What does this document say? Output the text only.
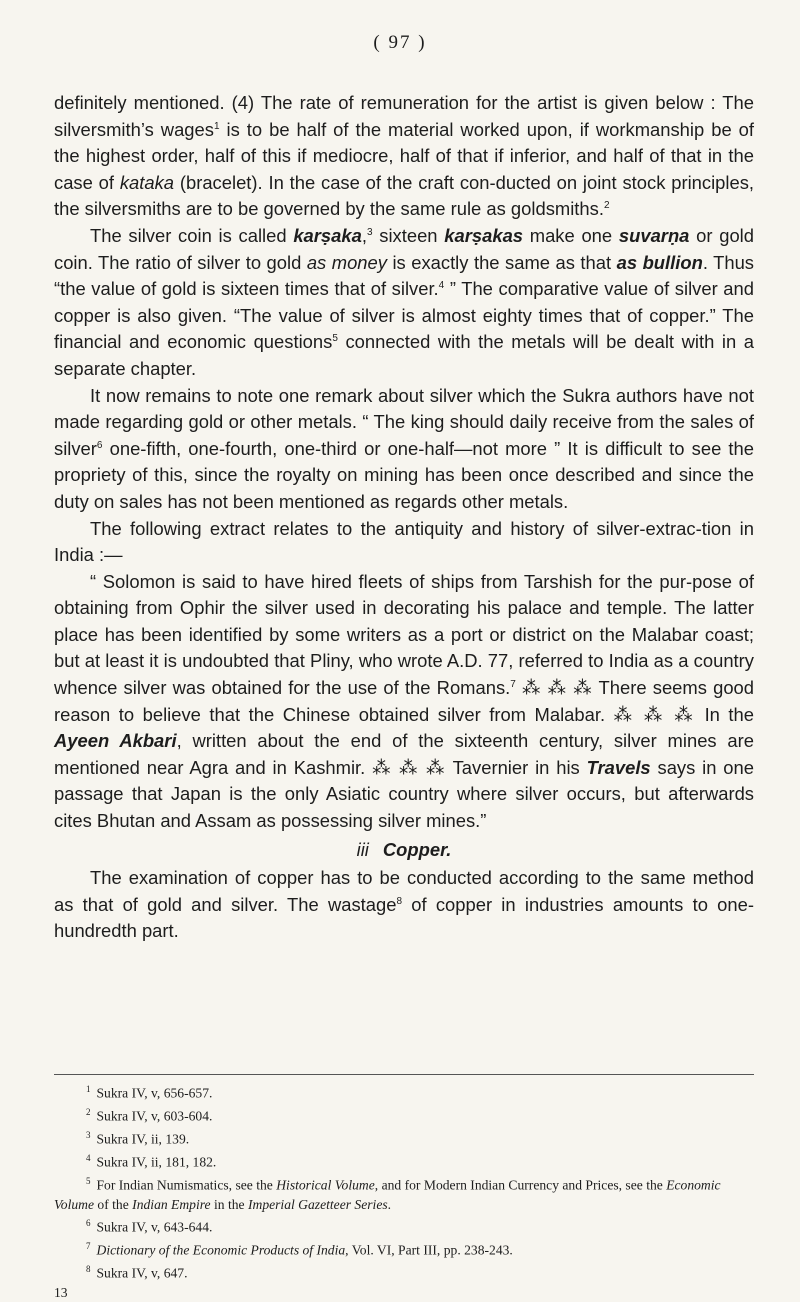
( 97 )

definitely mentioned. (4) The rate of remuneration for the artist is given below : The silversmith’s wages$^1$ is to be half of the material worked upon, if workmanship be of the highest order, half of this if mediocre, half of that if inferior, and half of that in the case of kataka (bracelet). In the case of the craft con-ducted on joint stock principles, the silversmiths are to be governed by the same rule as goldsmiths.$^2$

The silver coin is called karṣaka,$^3$ sixteen karṣakas make one suvarṇa or gold coin. The ratio of silver to gold as money is exactly the same as that as bullion. Thus “the value of gold is sixteen times that of silver.$^4$ ” The comparative value of silver and copper is also given. “The value of silver is almost eighty times that of copper.” The financial and economic questions$^5$ connected with the metals will be dealt with in a separate chapter.

It now remains to note one remark about silver which the Sukra authors have not made regarding gold or other metals. “ The king should daily receive from the sales of silver$^6$ one-fifth, one-fourth, one-third or one-half—not more ” It is difficult to see the propriety of this, since the royalty on mining has been once described and since the duty on sales has not been mentioned as regards other metals.

The following extract relates to the antiquity and history of silver-extrac-tion in India :—

“ Solomon is said to have hired fleets of ships from Tarshish for the pur-pose of obtaining from Ophir the silver used in decorating his palace and temple. The latter place has been identified by some writers as a port or district on the Malabar coast; but at least it is undoubted that Pliny, who wrote A.D. 77, referred to India as a country whence silver was obtained for the use of the Romans.$^7$ ⁂ ⁂ ⁂ There seems good reason to believe that the Chinese obtained silver from Malabar. ⁂ ⁂ ⁂ In the Ayeen Akbari, written about the end of the sixteenth century, silver mines are mentioned near Agra and in Kashmir. ⁂ ⁂ ⁂ Tavernier in his Travels says in one passage that Japan is the only Asiatic country where silver occurs, but afterwards cites Bhutan and Assam as possessing silver mines.”

iii Copper.

The examination of copper has to be conducted according to the same method as that of gold and silver. The wastage$^8$ of copper in industries amounts to one-hundredth part.

$^1$ Sukra IV, v, 656-657.

$^2$ Sukra IV, v, 603-604.

$^3$ Sukra IV, ii, 139.

$^4$ Sukra IV, ii, 181, 182.

$^5$ For Indian Numismatics, see the Historical Volume, and for Modern Indian Currency and Prices, see the Economic Volume of the Indian Empire in the Imperial Gazetteer Series.

$^6$ Sukra IV, v, 643-644.

$^7$ Dictionary of the Economic Products of India, Vol. VI, Part III, pp. 238-243.

$^8$ Sukra IV, v, 647.

13
